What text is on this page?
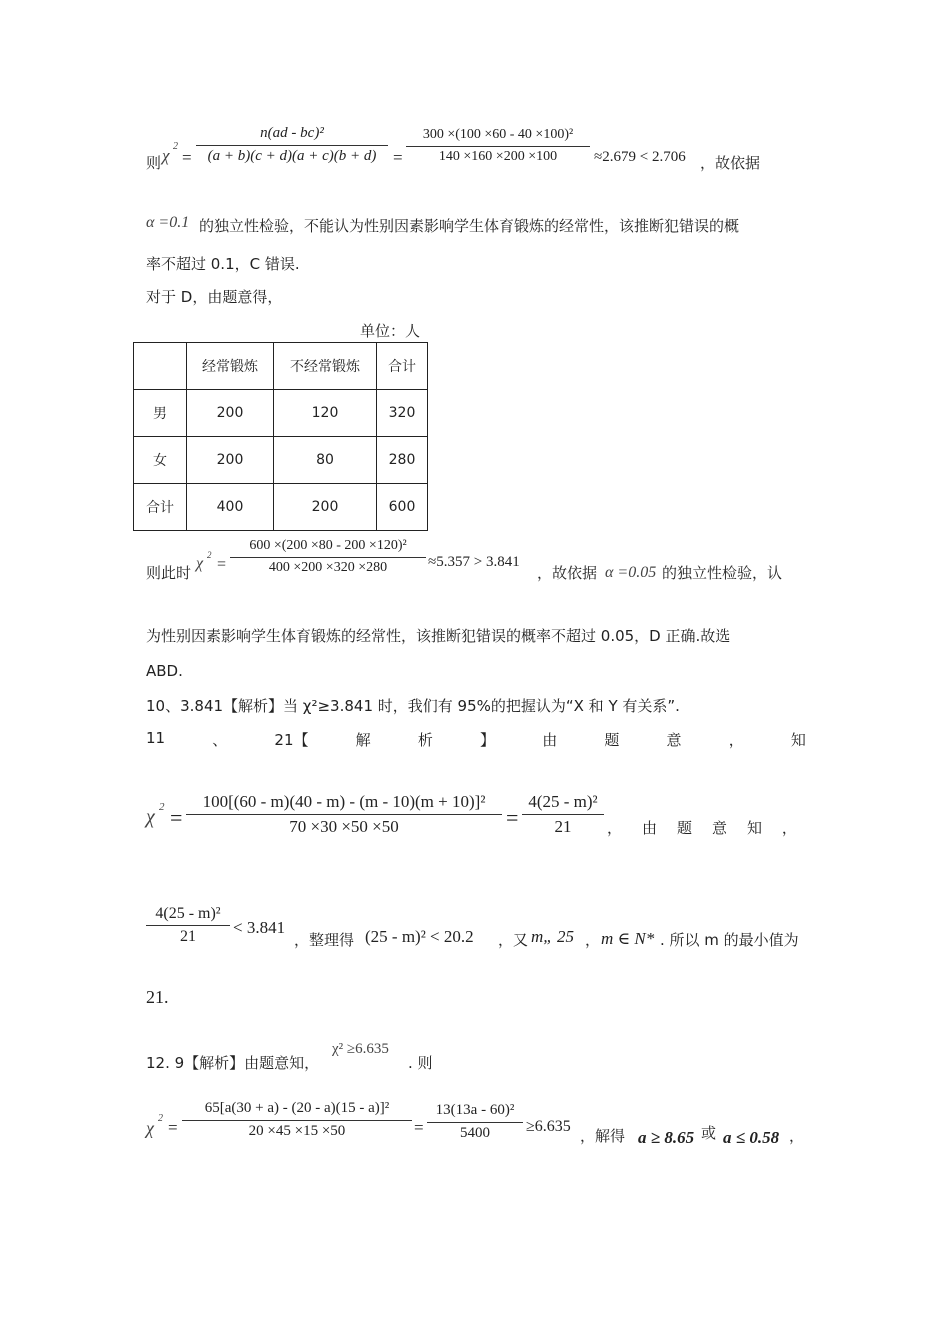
则 χ 2
=
n(ad - bc)²
(a + b)(c + d)(a + c)(b + d) =
300 ×(100 ×60 - 40 ×100)²
140 ×160 ×200 ×100	≈2.679 < 2.706 ，故依据
α =0.1 的独立性检验，不能认为性别因素影响学生体育锻炼的经常性，该推断犯错误的概
率不超过 0.1，C 错误.
对于 D，由题意得，
单位：人
	经常锻炼	不经常锻炼	合计
男	200	120	320
女	200	80	280
合计	400	200	600
则此时
χ 2
=
600 ×(200 ×80 - 200 ×120)²
400 ×200 ×320 ×280	≈5.357 > 3.841
，故依据 α =0.05 的独立性检验，认
为性别因素影响学生体育锻炼的经常性，该推断犯错误的概率不超过 0.05，D 正确.故选
ABD.
10、3.841【解析】当 χ²≥3.841 时，我们有 95%的把握认为“X 和 Y 有关系”.
11	、	21【	解	析	】	由	题	意	，	知
χ 2 =
100[(60 - m)(40 - m) - (m - 10)(m + 10)]²
70 ×30 ×50 ×50	=
4(25 - m)²
21	， 由 题 意 知 ，
4(25 - m)²
21	< 3.841
，整理得 (25 - m)² < 20.2 ，又 m„ 25 ， m ∈ N* . 所以 m 的最小值为
21.
12. 9【解析】由题意知，
χ² ≥6.635
. 则
χ 2 =
65[a(30 + a) - (20 - a)(15 - a)]²
20 ×45 ×15 ×50	=
13(13a - 60)²
5400	≥6.635
，解得 a ≥ 8.65 或 a ≤ 0.58 ，
